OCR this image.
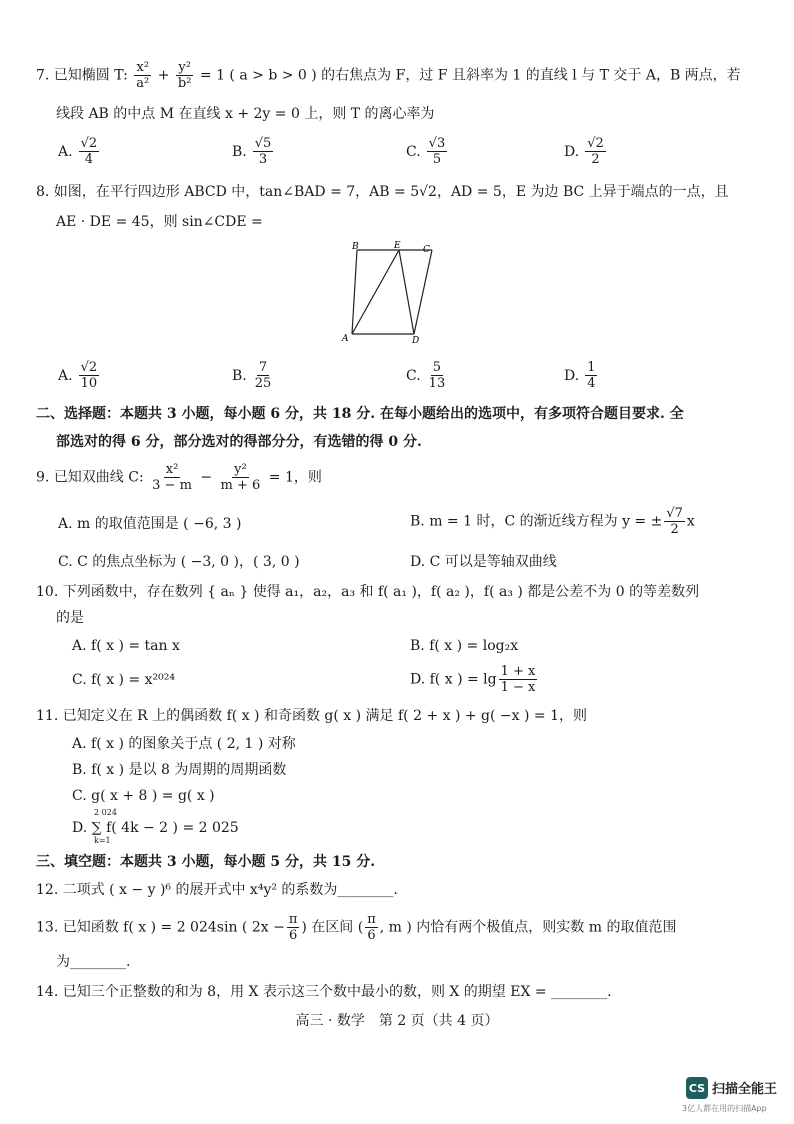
7. 已知椭圆 T: $\frac{\text{x²}}{\text{a²}} + \frac{\text{y²}}{\text{b²}} = 1$ ( a > b > 0 ) 的右焦点为 F，过 F 且斜率为 1 的直线 l 与 T 交于 A，B 两点，若
线段 AB 的中点 M 在直线 x + 2y = 0 上，则 T 的离心率为
A. $\frac{√2}{4}$	B. $\frac{√5}{3}$	C. $\frac{√3}{5}$	D. $\frac{√2}{2}$
8. 如图，在平行四边形 ABCD 中，tan∠BAD = 7，AB = 5√2，AD = 5，E 为边 BC 上异于端点的一点，且
AE · DE = 45，则 sin∠CDE =
B	E C
A	D
A. $\frac{√2}{10}$	B. $\frac{7}{25}$	C. $\frac{5}{13}$	D. $\frac{1}{4}$
二、选择题：本题共 3 小题，每小题 6 分，共 18 分. 在每小题给出的选项中，有多项符合题目要求. 全
部选对的得 6 分，部分选对的得部分分，有选错的得 0 分.
9. 已知双曲线 C: $\frac{\text{x²}}{3 - m} - \frac{\text{y²}}{m + 6} = 1$，则
A. m 的取值范围是 ( −6, 3 )	B. m = 1 时，C 的渐近线方程为 y = ± $\frac{√7}{2}$ x
C. C 的焦点坐标为 ( −3, 0 )，( 3, 0 )	D. C 可以是等轴双曲线
10. 下列函数中，存在数列 { aₙ } 使得 a₁，a₂，a₃ 和 f( a₁ )，f( a₂ )，f( a₃ ) 都是公差不为 0 的等差数列
的是
A. f( x ) = tan x	B. f( x ) = log₂x
C. f( x ) = x²⁰²⁴	D. f( x ) = $\lg \frac{1 + x}{1 - x}$
11. 已知定义在 R 上的偶函数 f( x ) 和奇函数 g( x ) 满足 f( 2 + x ) + g( −x ) = 1，则
A. f( x ) 的图象关于点 ( 2, 1 ) 对称
B. f( x ) 是以 8 为周期的周期函数
C. g( x + 8 ) = g( x )
2 024
D. ∑ f( 4k − 2 ) = 2 025
k=1
三、填空题：本题共 3 小题，每小题 5 分，共 15 分.
12. 二项式 ( x − y )⁶ 的展开式中 x⁴y² 的系数为________.
13. 已知函数 f( x ) = 2 024sin ( $2x - \frac{\pi}{6}$ ) 在区间 ( $\frac{\pi}{6}$ , m ) 内恰有两个极值点，则实数 m 的取值范围
为________.
14. 已知三个正整数的和为 8，用 X 表示这三个数中最小的数，则 X 的期望 EX = ________.
高三 · 数学　第 2 页（共 4 页）
CS 扫描全能王
3亿人都在用的扫描App
